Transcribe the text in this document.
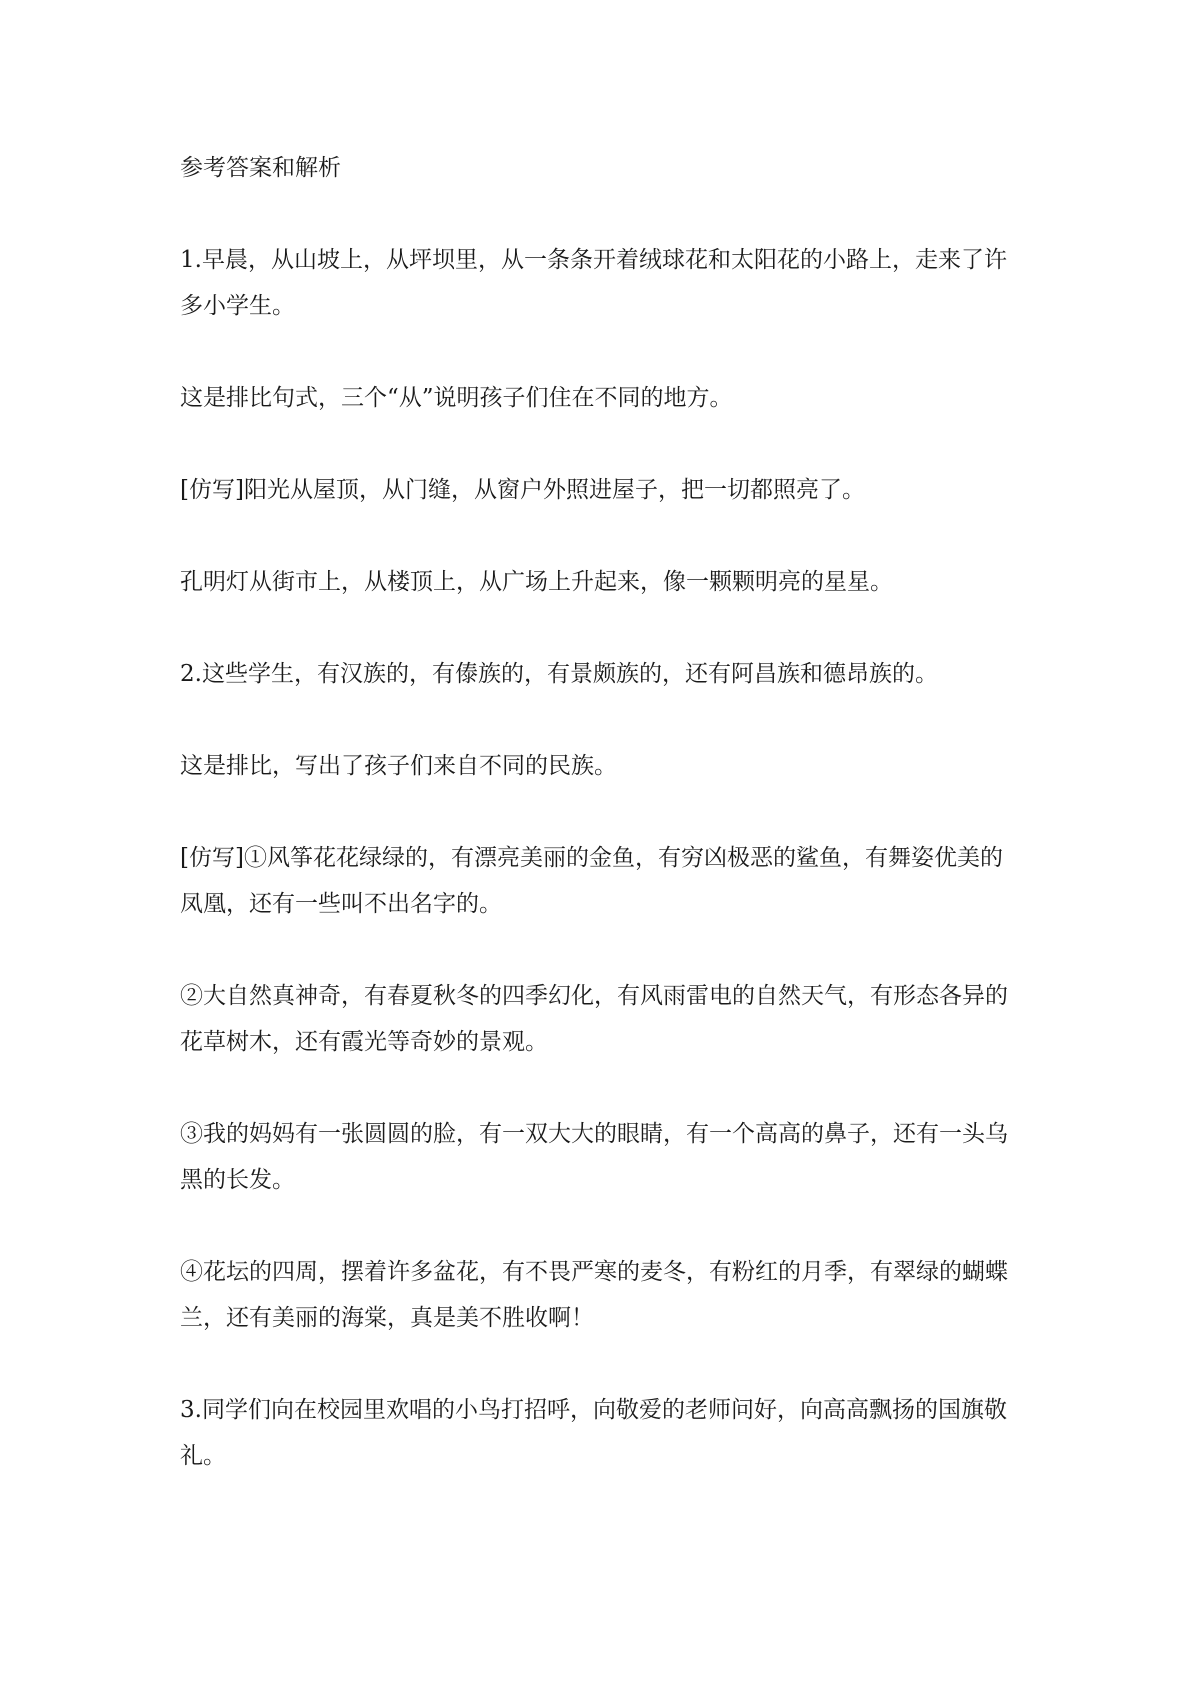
参考答案和解析

1.早晨，从山坡上，从坪坝里，从一条条开着绒球花和太阳花的小路上，走来了许多小学生。

这是排比句式，三个“从”说明孩子们住在不同的地方。

[仿写]阳光从屋顶，从门缝，从窗户外照进屋子，把一切都照亮了。

孔明灯从街市上，从楼顶上，从广场上升起来，像一颗颗明亮的星星。

2.这些学生，有汉族的，有傣族的，有景颇族的，还有阿昌族和德昂族的。

这是排比，写出了孩子们来自不同的民族。

[仿写]①风筝花花绿绿的，有漂亮美丽的金鱼，有穷凶极恶的鲨鱼，有舞姿优美的凤凰，还有一些叫不出名字的。

②大自然真神奇，有春夏秋冬的四季幻化，有风雨雷电的自然天气，有形态各异的花草树木，还有霞光等奇妙的景观。

③我的妈妈有一张圆圆的脸，有一双大大的眼睛，有一个高高的鼻子，还有一头乌黑的长发。

④花坛的四周，摆着许多盆花，有不畏严寒的麦冬，有粉红的月季，有翠绿的蝴蝶兰，还有美丽的海棠，真是美不胜收啊！

3.同学们向在校园里欢唱的小鸟打招呼，向敬爱的老师问好，向高高飘扬的国旗敬礼。
